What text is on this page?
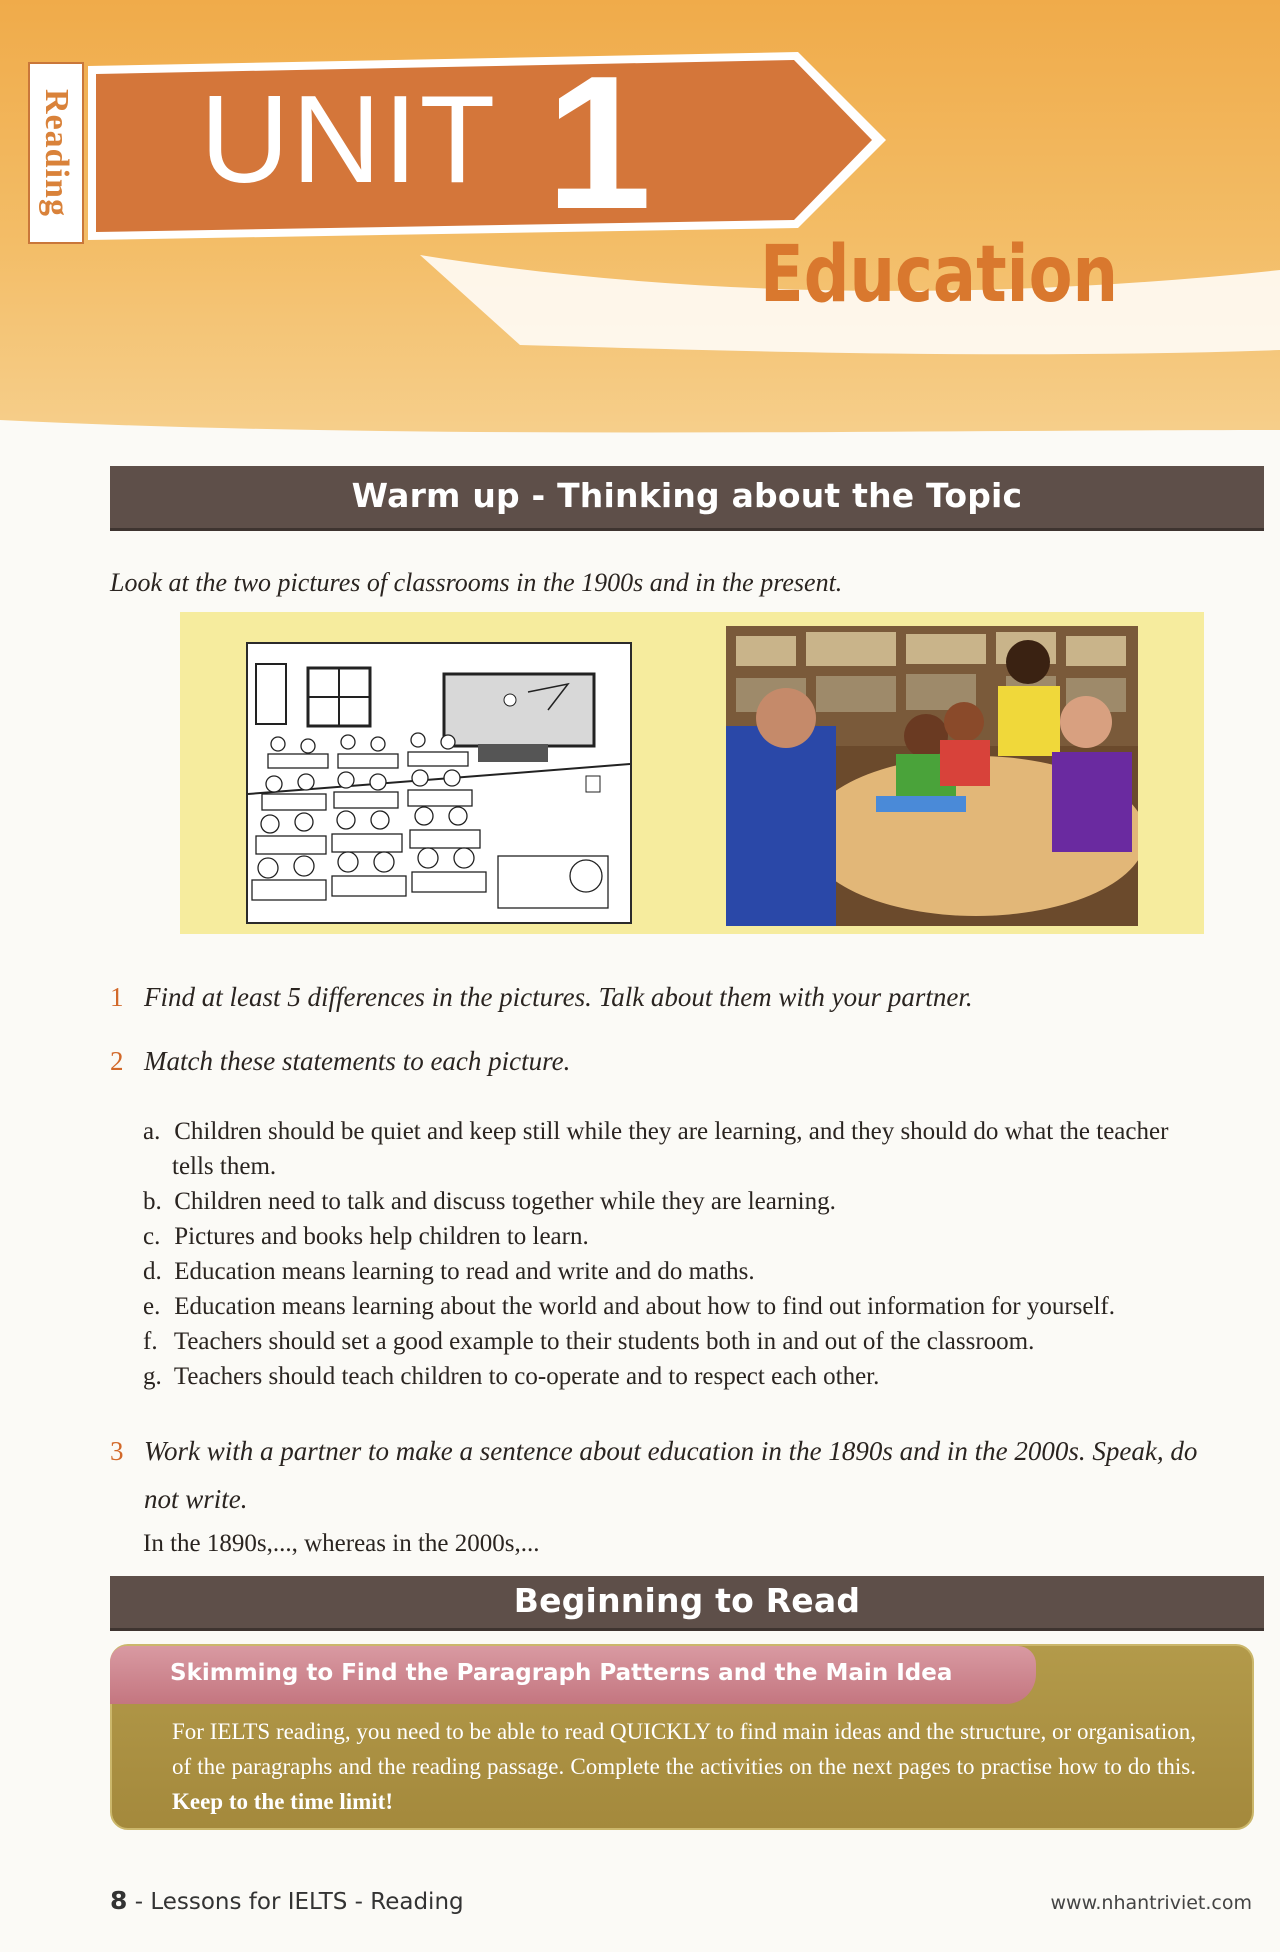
Reading UNIT 1
Education
Warm up - Thinking about the Topic
Look at the two pictures of classrooms in the 1900s and in the present.
1 Find at least 5 differences in the pictures. Talk about them with your partner.
2 Match these statements to each picture.
a. Children should be quiet and keep still while they are learning, and they should do what the teacher
tells them.
b. Children need to talk and discuss together while they are learning.
c. Pictures and books help children to learn.
d. Education means learning to read and write and do maths.
e. Education means learning about the world and about how to find out information for yourself.
f. Teachers should set a good example to their students both in and out of the classroom.
g. Teachers should teach children to co-operate and to respect each other.
3 Work with a partner to make a sentence about education in the 1890s and in the 2000s. Speak, do
not write.
In the 1890s,..., whereas in the 2000s,...
Beginning to Read
Skimming to Find the Paragraph Patterns and the Main Idea
For IELTS reading, you need to be able to read QUICKLY to find main ideas and the structure, or organisation, of the paragraphs and the reading passage. Complete the activities on the next pages to practise how to do this. Keep to the time limit!
8 - Lessons for IELTS - Reading	www.nhantriviet.com
